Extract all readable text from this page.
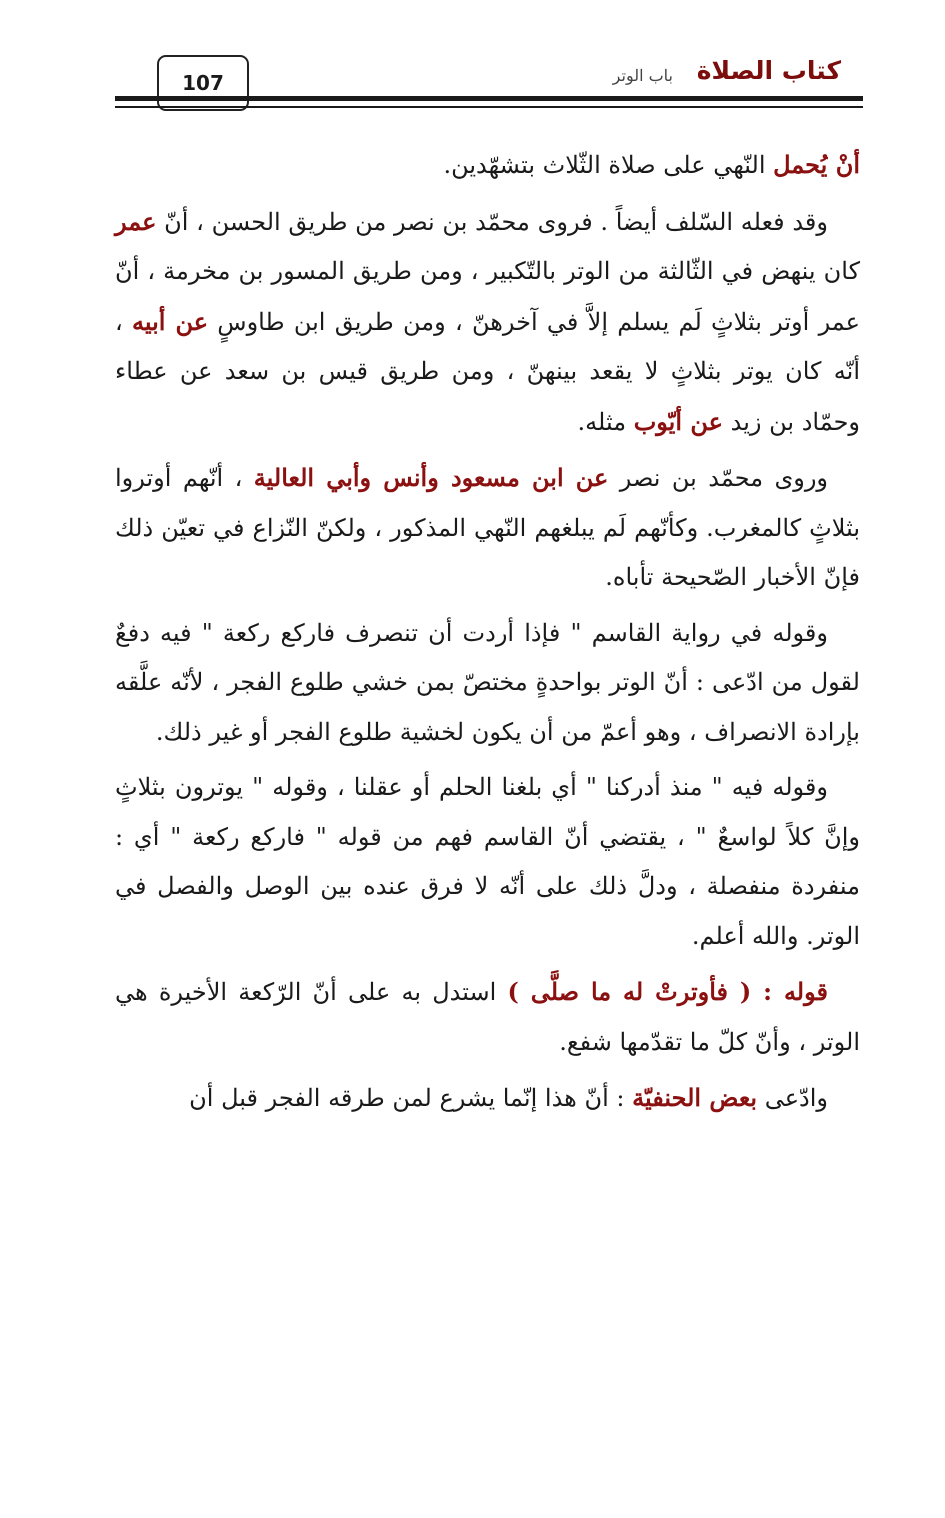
107	كتاب الصلاة
باب الوتر

أنْ يُحمل النّهي على صلاة الثّلاث بتشهّدين.

وقد فعله السّلف أيضاً . فروى محمّد بن نصر من طريق الحسن ، أنّ عمر كان ينهض في الثّالثة من الوتر بالتّكبير ، ومن طريق المسور بن مخرمة ، أنّ عمر أوتر بثلاثٍ لَم يسلم إلاَّ في آخرهنّ ، ومن طريق ابن طاوسٍ عن أبيه ، أنّه كان يوتر بثلاثٍ لا يقعد بينهنّ ، ومن طريق قيس بن سعد عن عطاء وحمّاد بن زيد عن أيّوب مثله.

وروى محمّد بن نصر عن ابن مسعود وأنس وأبي العالية ، أنّهم أوتروا بثلاثٍ كالمغرب. وكأنّهم لَم يبلغهم النّهي المذكور ، ولكنّ النّزاع في تعيّن ذلك فإنّ الأخبار الصّحيحة تأباه.

وقوله في رواية القاسم " فإذا أردت أن تنصرف فاركع ركعة " فيه دفعٌ لقول من ادّعى : أنّ الوتر بواحدةٍ مختصّ بمن خشي طلوع الفجر ، لأنّه علَّقه بإرادة الانصراف ، وهو أعمّ من أن يكون لخشية طلوع الفجر أو غير ذلك.

وقوله فيه " منذ أدركنا " أي بلغنا الحلم أو عقلنا ، وقوله " يوترون بثلاثٍ وإنَّ كلاً لواسعٌ " ، يقتضي أنّ القاسم فهم من قوله " فاركع ركعة " أي : منفردة منفصلة ، ودلَّ ذلك على أنّه لا فرق عنده بين الوصل والفصل في الوتر. والله أعلم.

قوله : ( فأوترتْ له ما صلَّى ) استدل به على أنّ الرّكعة الأخيرة هي الوتر ، وأنّ كلّ ما تقدّمها شفع.

وادّعى بعض الحنفيّة : أنّ هذا إنّما يشرع لمن طرقه الفجر قبل أن
